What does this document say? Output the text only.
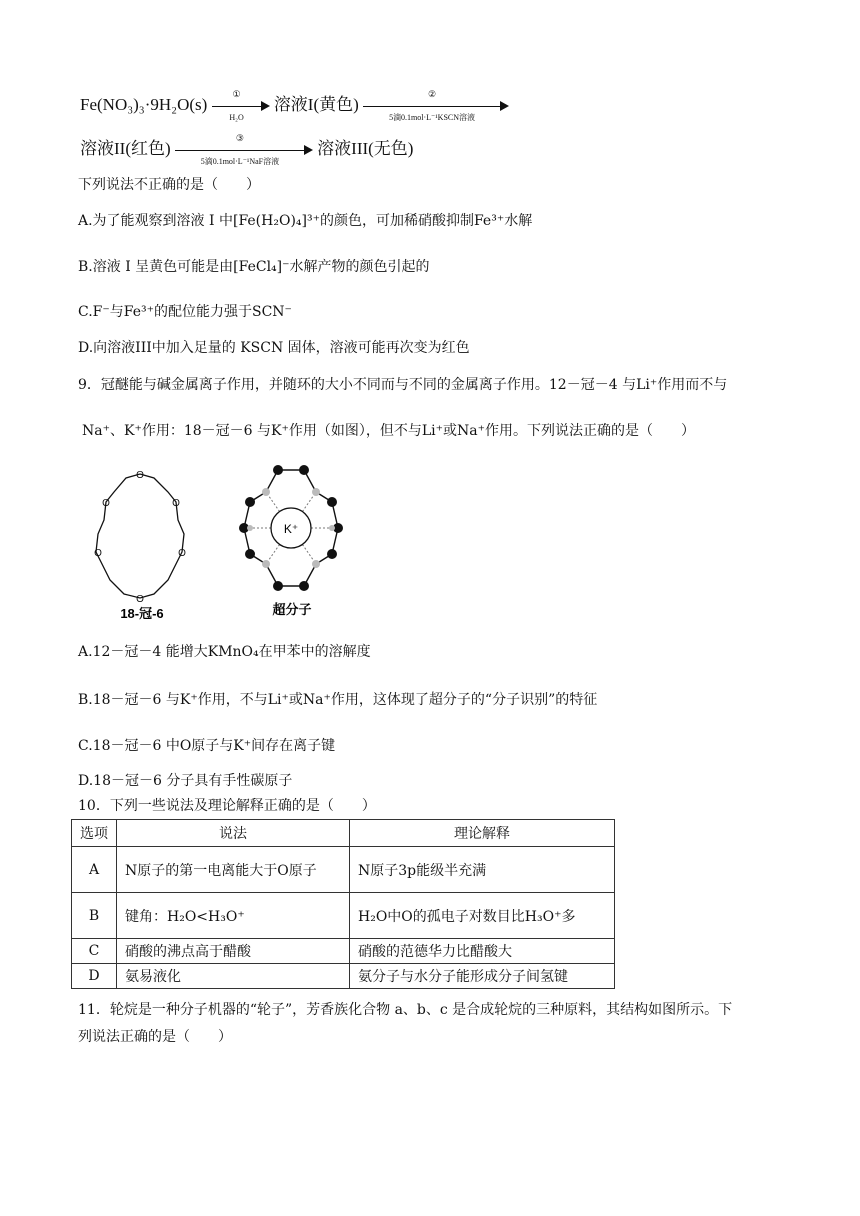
Fe(NO₃)₃·9H₂O(s)
①
H₂O
溶液I(黄色)
②
5滴0.1mol·L⁻¹KSCN溶液
溶液II(红色)
③
5滴0.1mol·L⁻¹NaF溶液
溶液III(无色)
下列说法不正确的是（　　）
A.为了能观察到溶液 I 中[Fe(H₂O)₄]³⁺的颜色，可加稀硝酸抑制Fe³⁺水解
B.溶液 I 呈黄色可能是由[FeCl₄]⁻水解产物的颜色引起的
C.F⁻与Fe³⁺的配位能力强于SCN⁻
D.向溶液III中加入足量的 KSCN 固体，溶液可能再次变为红色
9．冠醚能与碱金属离子作用，并随环的大小不同而与不同的金属离子作用。12－冠－4 与Li⁺作用而不与
Na⁺、K⁺作用：18－冠－6 与K⁺作用（如图），但不与Li⁺或Na⁺作用。下列说法正确的是（　　）
O
O
O
O
O
O
18-冠-6
K⁺
超分子
A.12－冠－4 能增大KMnO₄在甲苯中的溶解度
B.18－冠－6 与K⁺作用，不与Li⁺或Na⁺作用，这体现了超分子的“分子识别”的特征
C.18－冠－6 中O原子与K⁺间存在离子键
D.18－冠－6 分子具有手性碳原子
10．下列一些说法及理论解释正确的是（　　）
选项	说法	理论解释
A	N原子的第一电离能大于O原子	N原子3p能级半充满
B	键角：H₂O<H₃O⁺	H₂O中O的孤电子对数目比H₃O⁺多
C	硝酸的沸点高于醋酸	硝酸的范德华力比醋酸大
D	氨易液化	氨分子与水分子能形成分子间氢键
11．轮烷是一种分子机器的“轮子”，芳香族化合物 a、b、c 是合成轮烷的三种原料，其结构如图所示。下
列说法正确的是（　　）
